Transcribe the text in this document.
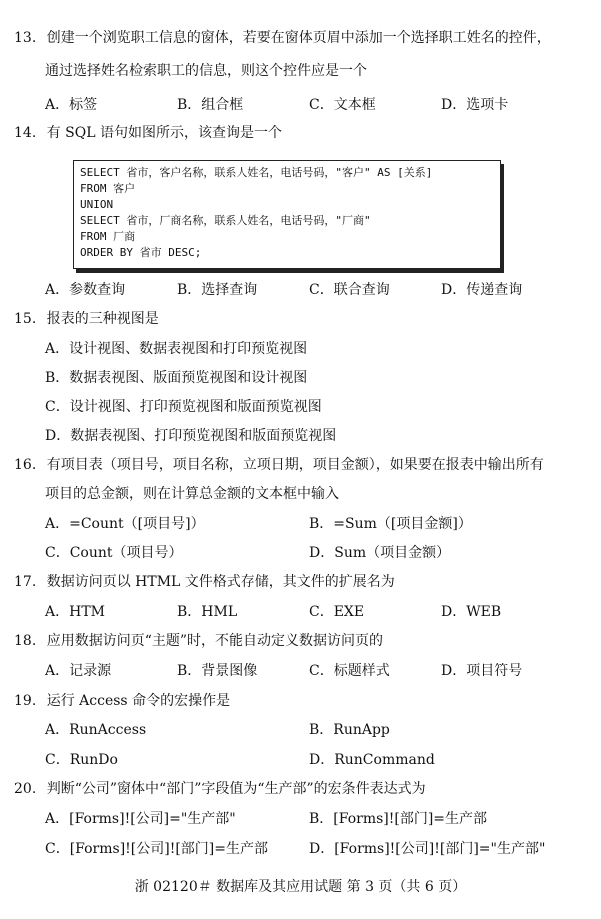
13. 创建一个浏览职工信息的窗体，若要在窗体页眉中添加一个选择职工姓名的控件，
通过选择姓名检索职工的信息，则这个控件应是一个
A．标签	B．组合框	C．文本框	D．选项卡
14. 有 SQL 语句如图所示，该查询是一个
SELECT 省市，客户名称，联系人姓名，电话号码，"客户" AS [关系]
FROM 客户
UNION
SELECT 省市，厂商名称，联系人姓名，电话号码，"厂商"
FROM 厂商
ORDER BY 省市 DESC;
A．参数查询	B．选择查询	C．联合查询	D．传递查询
15. 报表的三种视图是
A．设计视图、数据表视图和打印预览视图
B．数据表视图、版面预览视图和设计视图
C．设计视图、打印预览视图和版面预览视图
D．数据表视图、打印预览视图和版面预览视图
16. 有项目表（项目号，项目名称，立项日期，项目金额），如果要在报表中输出所有
项目的总金额，则在计算总金额的文本框中输入
A．=Count（[项目号]）	B．=Sum（[项目金额]）
C．Count（项目号）	D．Sum（项目金额）
17. 数据访问页以 HTML 文件格式存储，其文件的扩展名为
A．HTM	B．HML	C．EXE	D．WEB
18. 应用数据访问页“主题”时，不能自动定义数据访问页的
A．记录源	B．背景图像	C．标题样式	D．项目符号
19. 运行 Access 命令的宏操作是
A．RunAccess	B．RunApp
C．RunDo	D．RunCommand
20. 判断“公司”窗体中“部门”字段值为“生产部”的宏条件表达式为
A．[Forms]![公司]="生产部"	B．[Forms]![部门]=生产部
C．[Forms]![公司]![部门]=生产部	D．[Forms]![公司]![部门]="生产部"
浙 02120＃ 数据库及其应用试题 第 3 页（共 6 页）
